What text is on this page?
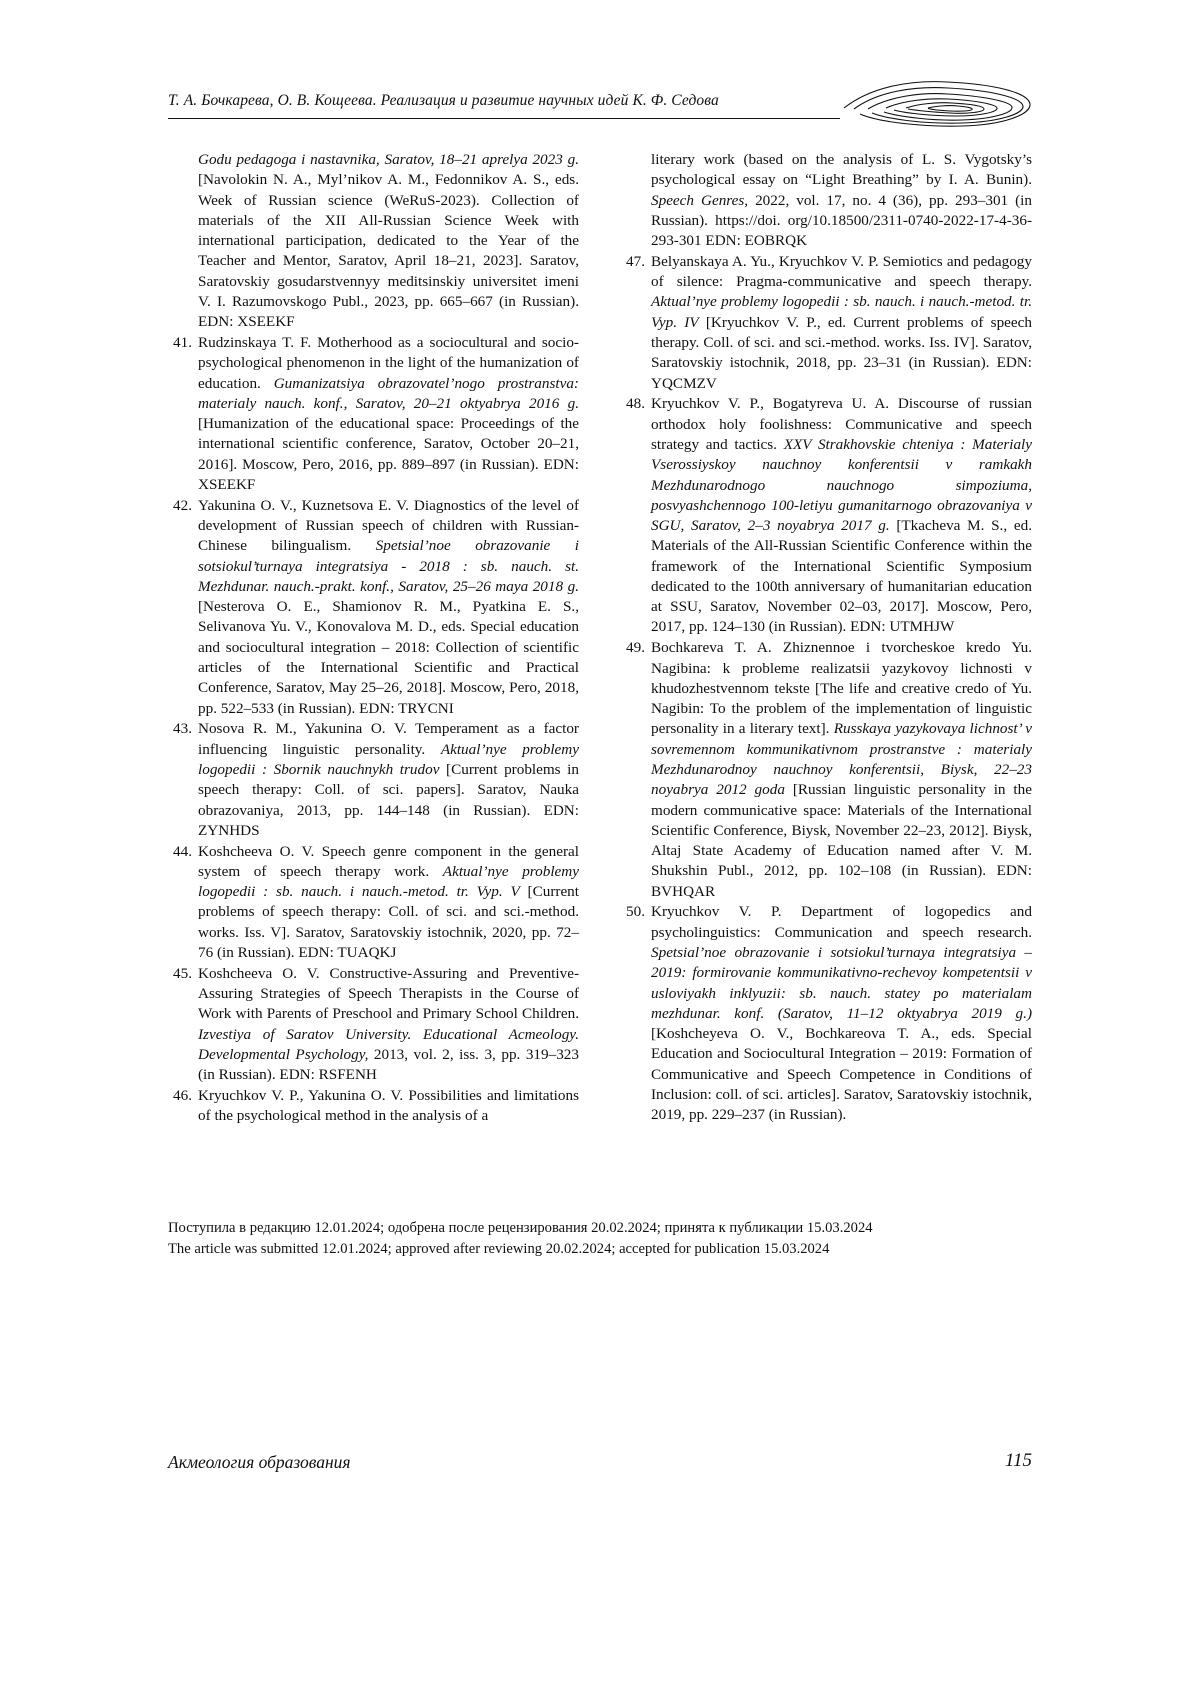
Т. А. Бочкарева, О. В. Кощеева. Реализация и развитие научных идей К. Ф. Седова
Godu pedagoga i nastavnika, Saratov, 18–21 aprelya 2023 g. [Navolokin N. A., Myl’nikov A. M., Fedonnikov A. S., eds. Week of Russian science (WeRuS-2023). Collection of materials of the XII All-Russian Science Week with international participation, dedicated to the Year of the Teacher and Mentor, Saratov, April 18–21, 2023]. Saratov, Saratovskiy gosudarstvennyy meditsinskiy universitet imeni V. I. Razumovskogo Publ., 2023, pp. 665–667 (in Russian). EDN: XSEEKF
41. Rudzinskaya T. F. Motherhood as a sociocultural and socio-psychological phenomenon in the light of the humanization of education. Gumanizatsiya obrazovatel’nogo prostranstva: materialy nauch. konf., Saratov, 20–21 oktyabrya 2016 g. [Humanization of the educational space: Proceedings of the international scientific conference, Saratov, October 20–21, 2016]. Moscow, Pero, 2016, pp. 889–897 (in Russian). EDN: XSEEKF
42. Yakunina O. V., Kuznetsova E. V. Diagnostics of the level of development of Russian speech of children with Russian-Chinese bilingualism. Spetsial’noe obrazovanie i sotsiokul’turnaya integratsiya - 2018 : sb. nauch. st. Mezhdunar. nauch.-prakt. konf., Saratov, 25–26 maya 2018 g. [Nesterova O. E., Shamionov R. M., Pyatkina E. S., Selivanova Yu. V., Konovalova M. D., eds. Special education and sociocultural integration – 2018: Collection of scientific articles of the International Scientific and Practical Conference, Saratov, May 25–26, 2018]. Moscow, Pero, 2018, pp. 522–533 (in Russian). EDN: TRYCNI
43. Nosova R. M., Yakunina O. V. Temperament as a factor influencing linguistic personality. Aktual’nye problemy logopedii : Sbornik nauchnykh trudov [Current problems in speech therapy: Coll. of sci. papers]. Saratov, Nauka obrazovaniya, 2013, pp. 144–148 (in Russian). EDN: ZYNHDS
44. Koshcheeva O. V. Speech genre component in the general system of speech therapy work. Aktual’nye problemy logopedii : sb. nauch. i nauch.-metod. tr. Vyp. V [Current problems of speech therapy: Coll. of sci. and sci.-method. works. Iss. V]. Saratov, Saratovskiy istochnik, 2020, pp. 72–76 (in Russian). EDN: TUAQKJ
45. Koshcheeva O. V. Constructive-Assuring and Preventive-Assuring Strategies of Speech Therapists in the Course of Work with Parents of Preschool and Primary School Children. Izvestiya of Saratov University. Educational Acmeology. Developmental Psychology, 2013, vol. 2, iss. 3, pp. 319–323 (in Russian). EDN: RSFENH
46. Kryuchkov V. P., Yakunina O. V. Possibilities and limitations of the psychological method in the analysis of a
literary work (based on the analysis of L. S. Vygotsky’s psychological essay on “Light Breathing” by I. A. Bunin). Speech Genres, 2022, vol. 17, no. 4 (36), pp. 293–301 (in Russian). https://doi. org/10.18500/2311-0740-2022-17-4-36-293-301 EDN: EOBRQK
47. Belyanskaya A. Yu., Kryuchkov V. P. Semiotics and pedagogy of silence: Pragma-communicative and speech therapy. Aktual’nye problemy logopedii : sb. nauch. i nauch.-metod. tr. Vyp. IV [Kryuchkov V. P., ed. Current problems of speech therapy. Coll. of sci. and sci.-method. works. Iss. IV]. Saratov, Saratovskiy istochnik, 2018, pp. 23–31 (in Russian). EDN: YQCMZV
48. Kryuchkov V. P., Bogatyreva U. A. Discourse of russian orthodox holy foolishness: Communicative and speech strategy and tactics. XXV Strakhovskie chteniya : Materialy Vserossiyskoy nauchnoy konferentsii v ramkakh Mezhdunarodnogo nauchnogo simpoziuma, posvyashchennogo 100-letiyu gumanitarnogo obrazovaniya v SGU, Saratov, 2–3 noyabrya 2017 g. [Tkacheva M. S., ed. Materials of the All-Russian Scientific Conference within the framework of the International Scientific Symposium dedicated to the 100th anniversary of humanitarian education at SSU, Saratov, November 02–03, 2017]. Moscow, Pero, 2017, pp. 124–130 (in Russian). EDN: UTMHJW
49. Bochkareva T. A. Zhiznennoe i tvorcheskoe kredo Yu. Nagibina: k probleme realizatsii yazykovoy lichnosti v khudozhestvennom tekste [The life and creative credo of Yu. Nagibin: To the problem of the implementation of linguistic personality in a literary text]. Russkaya yazykovaya lichnost’ v sovremennom kommunikativnom prostranstve : materialy Mezhdunarodnoy nauchnoy konferentsii, Biysk, 22–23 noyabrya 2012 goda [Russian linguistic personality in the modern communicative space: Materials of the International Scientific Conference, Biysk, November 22–23, 2012]. Biysk, Altaj State Academy of Education named after V. M. Shukshin Publ., 2012, pp. 102–108 (in Russian). EDN: BVHQAR
50. Kryuchkov V. P. Department of logopedics and psycholinguistics: Communication and speech research. Spetsial’noe obrazovanie i sotsiokul’turnaya integratsiya – 2019: formirovanie kommunikativno-rechevoy kompetentsii v usloviyakh inklyuzii: sb. nauch. statey po materialam mezhdunar. konf. (Saratov, 11–12 oktyabrya 2019 g.) [Koshcheyeva O. V., Bochkareova T. A., eds. Special Education and Sociocultural Integration – 2019: Formation of Communicative and Speech Competence in Conditions of Inclusion: coll. of sci. articles]. Saratov, Saratovskiy istochnik, 2019, pp. 229–237 (in Russian).
Поступила в редакцию 12.01.2024; одобрена после рецензирования 20.02.2024; принята к публикации 15.03.2024
The article was submitted 12.01.2024; approved after reviewing 20.02.2024; accepted for publication 15.03.2024
Акмеология образования	115
